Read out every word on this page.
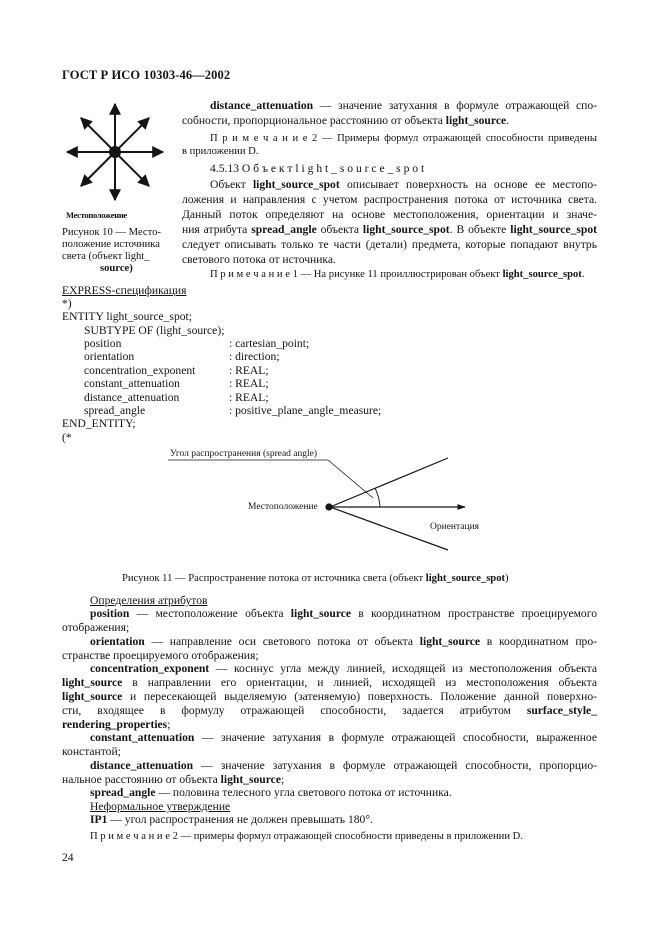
ГОСТ Р ИСО 10303-46—2002
Местоположение
Рисунок 10 — Место-
положение источника
света (объект light_
source)
distance_attenuation — значение затухания в формуле отражающей спо-
собности, пропорциональное расстоянию от объекта light_source.
П р и м е ч а н и е 2 — Примеры формул отражающей способности приведены
в приложении D.
4.5.13 О б ъ е к т l i g h t _ s o u r c e _ s p o t
Объект light_source_spot описывает поверхность на основе ее местопо-
ложения и направления с учетом распространения потока от источника света.
Данный поток определяют на основе местоположения, ориентации и значе-
ния атрибута spread_angle объекта light_source_spot. В объекте light_source_spot
следует описывать только те части (детали) предмета, которые попадают внутрь
светового потока от источника.
П р и м е ч а н и е 1 — На рисунке 11 проиллюстрирован объект light_source_spot.
EXPRESS-спецификация
*)
ENTITY light_source_spot;
SUBTYPE OF (light_source);
position	: cartesian_point;
orientation	: direction;
concentration_exponent	: REAL;
constant_attenuation	: REAL;
distance_attenuation	: REAL;
spread_angle	: positive_plane_angle_measure;
END_ENTITY;
(*
Угол распространения (spread angle)
Местоположение
Ориентация
Рисунок 11 — Распространение потока от источника света (объект light_source_spot)
Определения атрибутов
position — местоположение объекта light_source в координатном пространстве проецируемого
отображения;
orientation — направление оси светового потока от объекта light_source в координатном про-
странстве проецируемого отображения;
concentration_exponent — косинус угла между линией, исходящей из местоположения объекта
light_source в направлении его ориентации, и линией, исходящей из местоположения объекта
light_source и пересекающей выделяемую (затеняемую) поверхность. Положение данной поверхно-
сти, входящее в формулу отражающей способности, задается атрибутом surface_style_
rendering_properties;
constant_attenuation — значение затухания в формуле отражающей способности, выраженное
константой;
distance_attenuation — значение затухания в формуле отражающей способности, пропорцио-
нальное расстоянию от объекта light_source;
spread_angle — половина телесного угла светового потока от источника.
Неформальное утверждение
IP1 — угол распространения не должен превышать 180°.
П р и м е ч а н и е 2 — примеры формул отражающей способности приведены в приложении D.
24
